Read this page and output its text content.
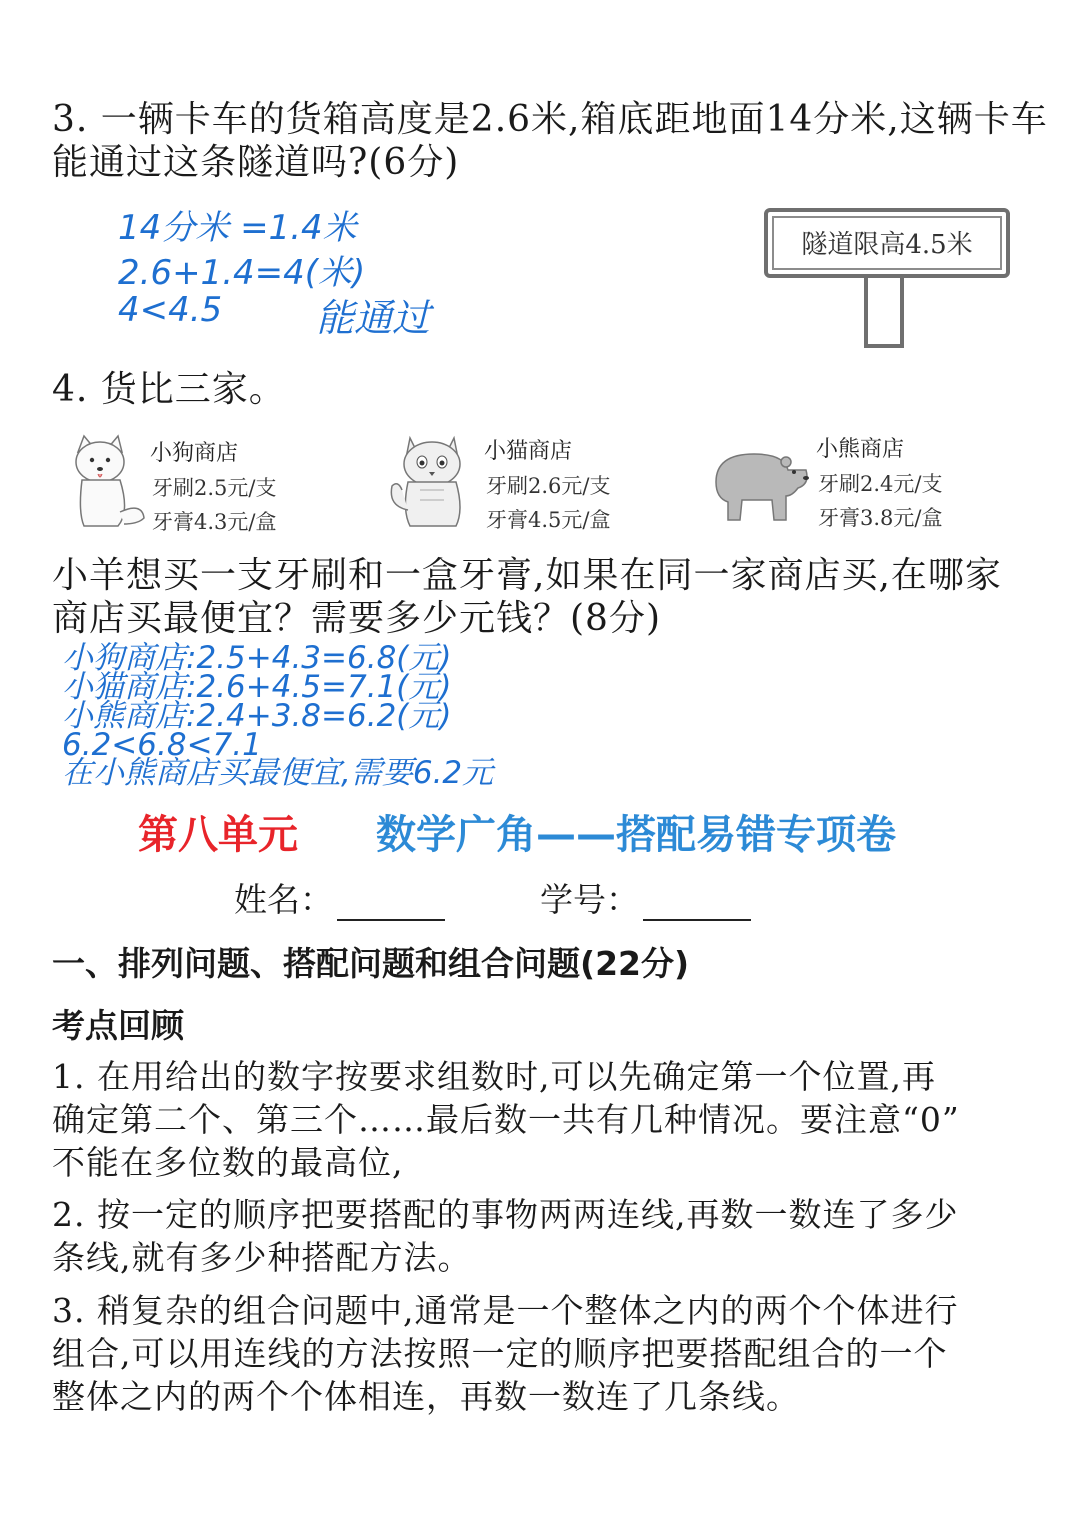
3. 一辆卡车的货箱高度是2.6米,箱底距地面14分米,这辆卡车
能通过这条隧道吗?(6分)
14分米 =1.4米
2.6+1.4=4(米)
4<4.5 能通过
隧道限高4.5米
4. 货比三家。
小狗商店
牙刷2.5元/支
牙膏4.3元/盒
小猫商店
牙刷2.6元/支
牙膏4.5元/盒
小熊商店
牙刷2.4元/支
牙膏3.8元/盒
小羊想买一支牙刷和一盒牙膏,如果在同一家商店买,在哪家
商店买最便宜？需要多少元钱？(8分)
小狗商店:2.5+4.3=6.8(元)
小猫商店:2.6+4.5=7.1(元)
小熊商店:2.4+3.8=6.2(元)
6.2<6.8<7.1
在小熊商店买最便宜,需要6.2元
第八单元 数学广角——搭配易错专项卷
姓名：	学号：
一、排列问题、搭配问题和组合问题(22分)
考点回顾
1. 在用给出的数字按要求组数时,可以先确定第一个位置,再
确定第二个、第三个……最后数一共有几种情况。要注意“0”
不能在多位数的最高位,
2. 按一定的顺序把要搭配的事物两两连线,再数一数连了多少
条线,就有多少种搭配方法。
3. 稍复杂的组合问题中,通常是一个整体之内的两个个体进行
组合,可以用连线的方法按照一定的顺序把要搭配组合的一个
整体之内的两个个体相连，再数一数连了几条线。
